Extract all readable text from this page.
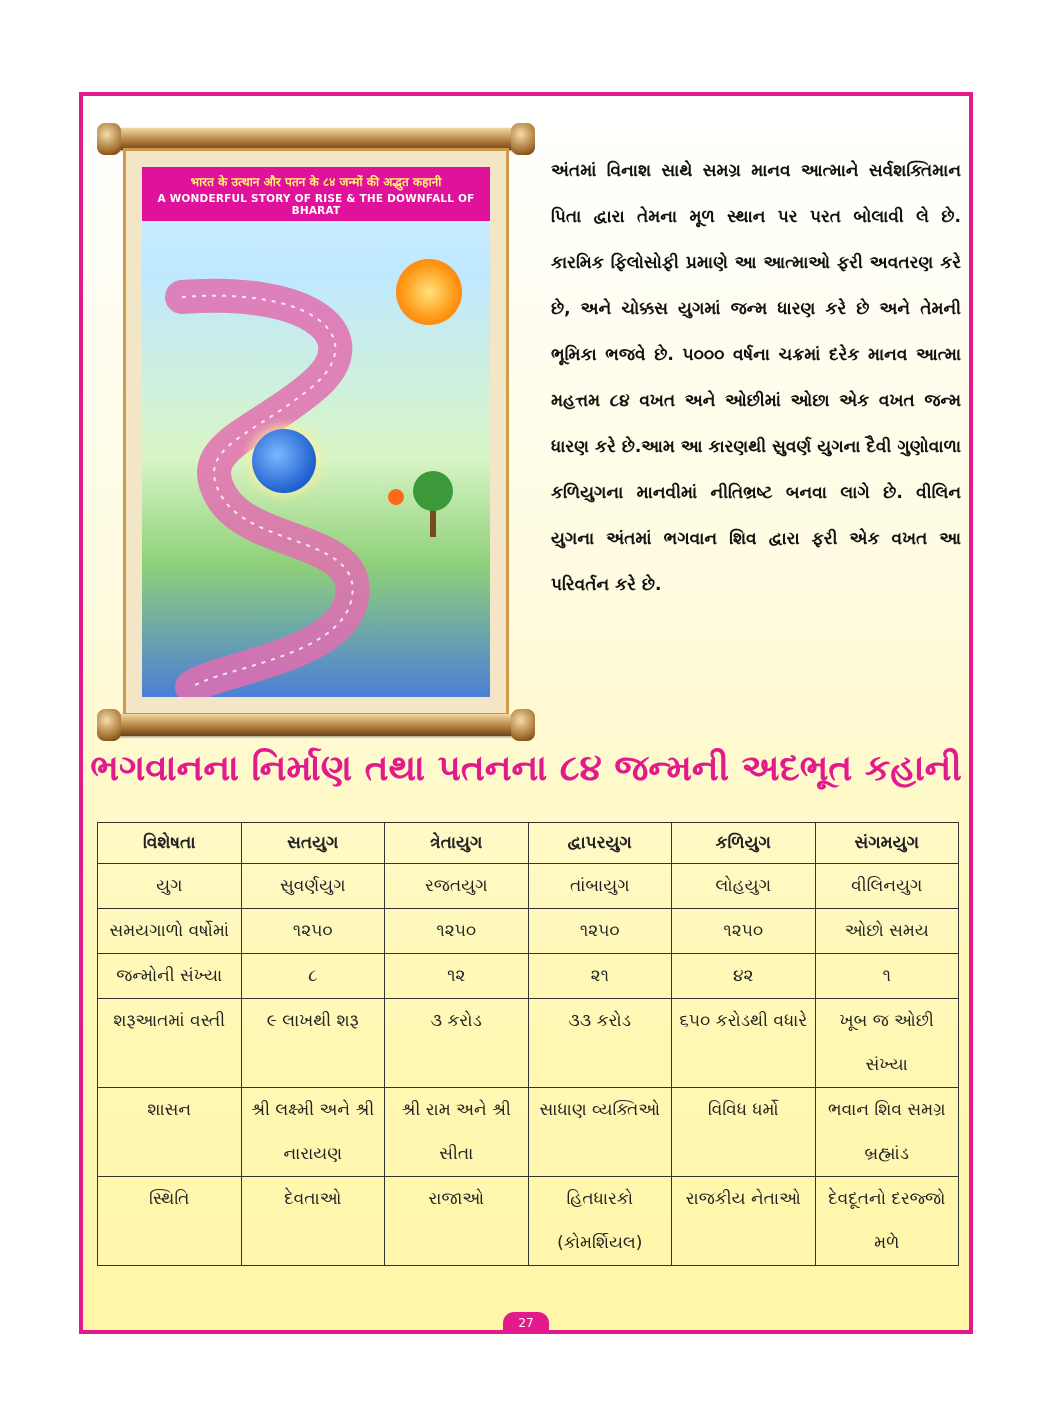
भारत के उत्थान और पतन के ८४ जन्मों की अद्भुत कहानी
A WONDERFUL STORY OF RISE & THE DOWNFALL OF BHARAT

અંતમાં વિનાશ સાથે સમગ્ર માનવ આત્માને સર્વશક્તિમાન પિતા દ્વારા તેમના મૂળ સ્થાન પર પરત બોલાવી લે છે. કારમિક ફિલોસોફી પ્રમાણે આ આત્માઓ ફરી અવતરણ કરે છે, અને ચોક્કસ યુગમાં જન્મ ધારણ કરે છે અને તેમની ભૂમિકા ભજવે છે. ૫૦૦૦ વર્ષના ચક્રમાં દરેક માનવ આત્મા મહત્તમ ૮૪ વખત અને ઓછીમાં ઓછા એક વખત જન્મ ધારણ કરે છે.આમ આ કારણથી સુવર્ણ યુગના દૈવી ગુણોવાળા કળિયુગના માનવીમાં નીતિભ્રષ્ટ બનવા લાગે છે. વીલિન યુગના અંતમાં ભગવાન શિવ દ્વારા ફરી એક વખત આ પરિવર્તન કરે છે.

ભગવાનના નિર્માણ તથા પતનના ૮૪ જન્મની અદભૂત કહાની
વિશેષતા	સતયુગ	ત્રેતાયુગ	દ્વાપરયુગ	કળિયુગ	સંગમયુગ
યુગ	સુવર્ણયુગ	રજતયુગ	તાંબાયુગ	લોહયુગ	વીલિનયુગ
સમયગાળો વર્ષોમાં	૧૨૫૦	૧૨૫૦	૧૨૫૦	૧૨૫૦	ઓછો સમય
જન્મોની સંખ્યા	૮	૧૨	૨૧	૪૨	૧
શરૂઆતમાં વસ્તી	૯ લાખથી શરૂ	૩ કરોડ	૩૩ કરોડ	૬૫૦ કરોડથી વધારે	ખૂબ જ ઓછી સંખ્યા
શાસન	શ્રી લક્ષ્મી અને શ્રી નારાયણ	શ્રી રામ અને શ્રી સીતા	સાધાણ વ્યક્તિઓ	વિવિધ ધર્મો	ભવાન શિવ સમગ્ર બ્રહ્માંડ
સ્થિતિ	દેવતાઓ	રાજાઓ	હિતધારકો (કોમર્શિયલ)	રાજકીય નેતાઓ	દેવદૂતનો દરજ્જો મળે
27
